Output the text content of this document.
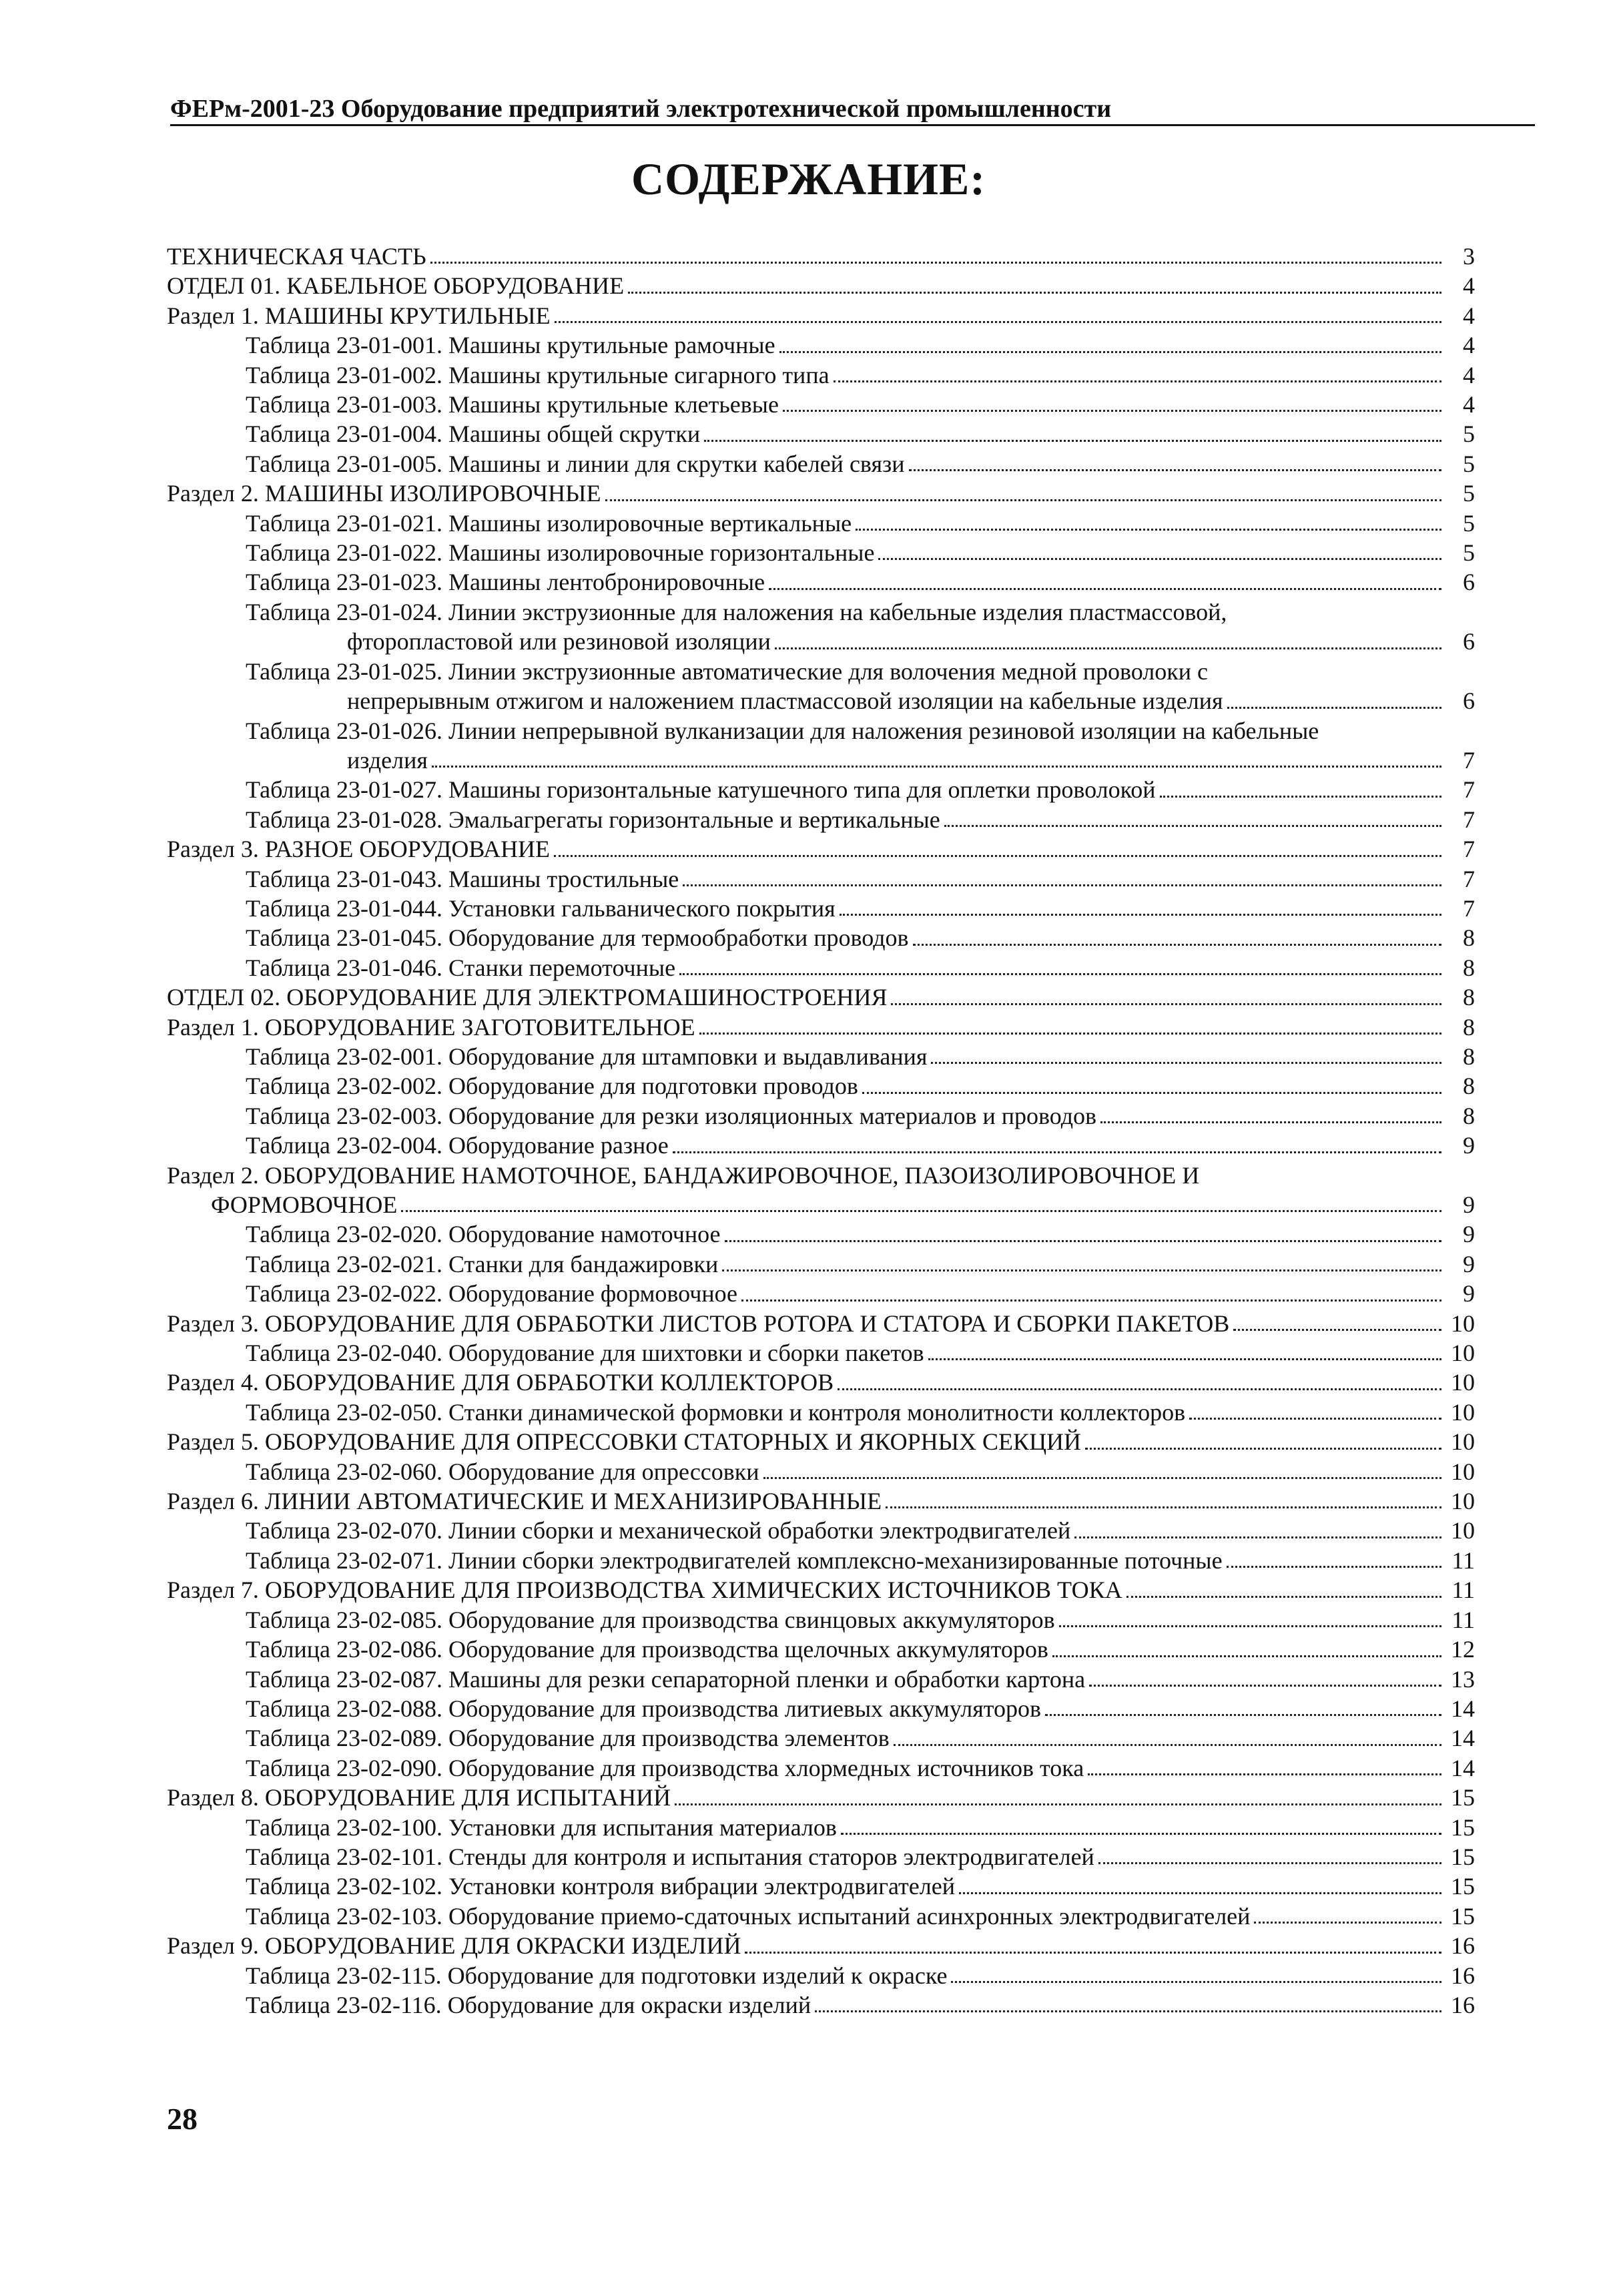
ФЕРм-2001-23 Оборудование предприятий электротехнической промышленности
СОДЕРЖАНИЕ:
ТЕХНИЧЕСКАЯ ЧАСТЬ	3
ОТДЕЛ 01. КАБЕЛЬНОЕ ОБОРУДОВАНИЕ	4
Раздел 1. МАШИНЫ КРУТИЛЬНЫЕ	4
Таблица 23-01-001. Машины крутильные рамочные	4
Таблица 23-01-002. Машины крутильные сигарного типа	4
Таблица 23-01-003. Машины крутильные клетьевые	4
Таблица 23-01-004. Машины общей скрутки	5
Таблица 23-01-005. Машины и линии для скрутки кабелей связи	5
Раздел 2. МАШИНЫ ИЗОЛИРОВОЧНЫЕ	5
Таблица 23-01-021. Машины изолировочные вертикальные	5
Таблица 23-01-022. Машины изолировочные горизонтальные	5
Таблица 23-01-023. Машины лентобронировочные	6
Таблица 23-01-024. Линии экструзионные для наложения на кабельные изделия пластмассовой,
фторопластовой или резиновой изоляции	6
Таблица 23-01-025. Линии экструзионные автоматические для волочения медной проволоки с
непрерывным отжигом и наложением пластмассовой изоляции на кабельные изделия	6
Таблица 23-01-026. Линии непрерывной вулканизации для наложения резиновой изоляции на кабельные
изделия	7
Таблица 23-01-027. Машины горизонтальные катушечного типа для оплетки проволокой	7
Таблица 23-01-028. Эмальагрегаты горизонтальные и вертикальные	7
Раздел 3. РАЗНОЕ ОБОРУДОВАНИЕ	7
Таблица 23-01-043. Машины тростильные	7
Таблица 23-01-044. Установки гальванического покрытия	7
Таблица 23-01-045. Оборудование для термообработки проводов	8
Таблица 23-01-046. Станки перемоточные	8
ОТДЕЛ 02. ОБОРУДОВАНИЕ ДЛЯ ЭЛЕКТРОМАШИНОСТРОЕНИЯ	8
Раздел 1. ОБОРУДОВАНИЕ ЗАГОТОВИТЕЛЬНОЕ	8
Таблица 23-02-001. Оборудование для штамповки и выдавливания	8
Таблица 23-02-002. Оборудование для подготовки проводов	8
Таблица 23-02-003. Оборудование для резки изоляционных материалов и проводов	8
Таблица 23-02-004. Оборудование разное	9
Раздел 2. ОБОРУДОВАНИЕ НАМОТОЧНОЕ, БАНДАЖИРОВОЧНОЕ, ПАЗОИЗОЛИРОВОЧНОЕ И
ФОРМОВОЧНОЕ	9
Таблица 23-02-020. Оборудование намоточное	9
Таблица 23-02-021. Станки для бандажировки	9
Таблица 23-02-022. Оборудование формовочное	9
Раздел 3. ОБОРУДОВАНИЕ ДЛЯ ОБРАБОТКИ ЛИСТОВ РОТОРА И СТАТОРА И СБОРКИ ПАКЕТОВ	10
Таблица 23-02-040. Оборудование для шихтовки и сборки пакетов	10
Раздел 4. ОБОРУДОВАНИЕ ДЛЯ ОБРАБОТКИ КОЛЛЕКТОРОВ	10
Таблица 23-02-050. Станки динамической формовки и контроля монолитности коллекторов	10
Раздел 5. ОБОРУДОВАНИЕ ДЛЯ ОПРЕССОВКИ СТАТОРНЫХ И ЯКОРНЫХ СЕКЦИЙ	10
Таблица 23-02-060. Оборудование для опрессовки	10
Раздел 6. ЛИНИИ АВТОМАТИЧЕСКИЕ И МЕХАНИЗИРОВАННЫЕ	10
Таблица 23-02-070. Линии сборки и механической обработки электродвигателей	10
Таблица 23-02-071. Линии сборки электродвигателей комплексно-механизированные поточные	11
Раздел 7. ОБОРУДОВАНИЕ ДЛЯ ПРОИЗВОДСТВА ХИМИЧЕСКИХ ИСТОЧНИКОВ ТОКА	11
Таблица 23-02-085. Оборудование для производства свинцовых аккумуляторов	11
Таблица 23-02-086. Оборудование для производства щелочных аккумуляторов	12
Таблица 23-02-087. Машины для резки сепараторной пленки и обработки картона	13
Таблица 23-02-088. Оборудование для производства литиевых аккумуляторов	14
Таблица 23-02-089. Оборудование для производства элементов	14
Таблица 23-02-090. Оборудование для производства хлормедных источников тока	14
Раздел 8. ОБОРУДОВАНИЕ ДЛЯ ИСПЫТАНИЙ	15
Таблица 23-02-100. Установки для испытания материалов	15
Таблица 23-02-101. Стенды для контроля и испытания статоров электродвигателей	15
Таблица 23-02-102. Установки контроля вибрации электродвигателей	15
Таблица 23-02-103. Оборудование приемо-сдаточных испытаний асинхронных электродвигателей	15
Раздел 9. ОБОРУДОВАНИЕ ДЛЯ ОКРАСКИ ИЗДЕЛИЙ	16
Таблица 23-02-115. Оборудование для подготовки изделий к окраске	16
Таблица 23-02-116. Оборудование для окраски изделий	16
28
